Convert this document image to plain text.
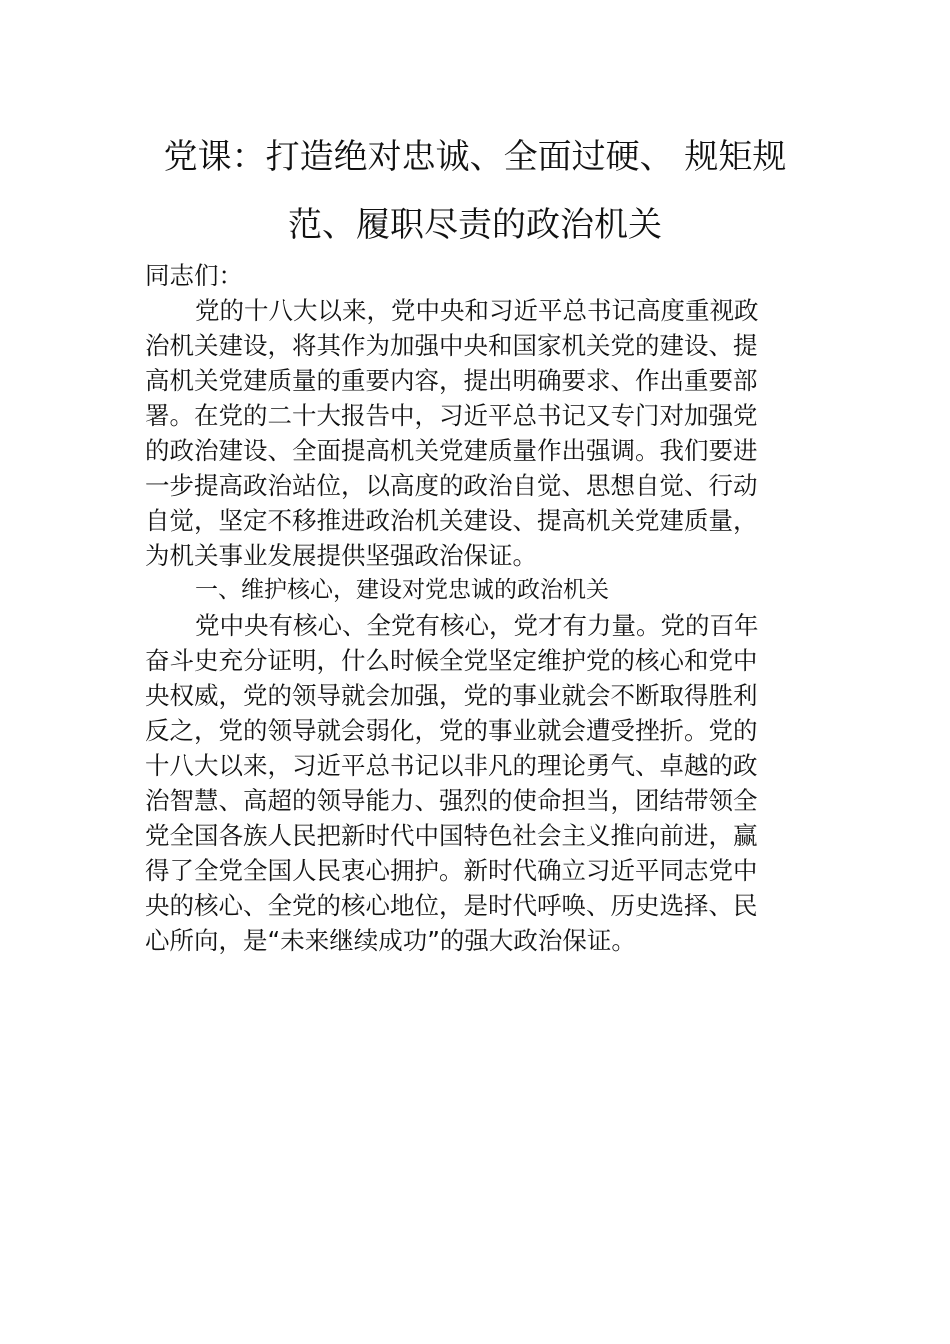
党课：打造绝对忠诚、全面过硬、 规矩规
范、履职尽责的政治机关
同志们：
党的十八大以来，党中央和习近平总书记高度重视政
治机关建设，将其作为加强中央和国家机关党的建设、提
高机关党建质量的重要内容，提出明确要求、作出重要部
署。在党的二十大报告中，习近平总书记又专门对加强党
的政治建设、全面提高机关党建质量作出强调。我们要进
一步提高政治站位，以高度的政治自觉、思想自觉、行动
自觉，坚定不移推进政治机关建设、提高机关党建质量，
为机关事业发展提供坚强政治保证。
一、维护核心，建设对党忠诚的政治机关
党中央有核心、全党有核心，党才有力量。党的百年
奋斗史充分证明，什么时候全党坚定维护党的核心和党中
央权威，党的领导就会加强，党的事业就会不断取得胜利
反之，党的领导就会弱化，党的事业就会遭受挫折。党的
十八大以来，习近平总书记以非凡的理论勇气、卓越的政
治智慧、高超的领导能力、强烈的使命担当，团结带领全
党全国各族人民把新时代中国特色社会主义推向前进，赢
得了全党全国人民衷心拥护。新时代确立习近平同志党中
央的核心、全党的核心地位，是时代呼唤、历史选择、民
心所向，是“未来继续成功”的强大政治保证。
